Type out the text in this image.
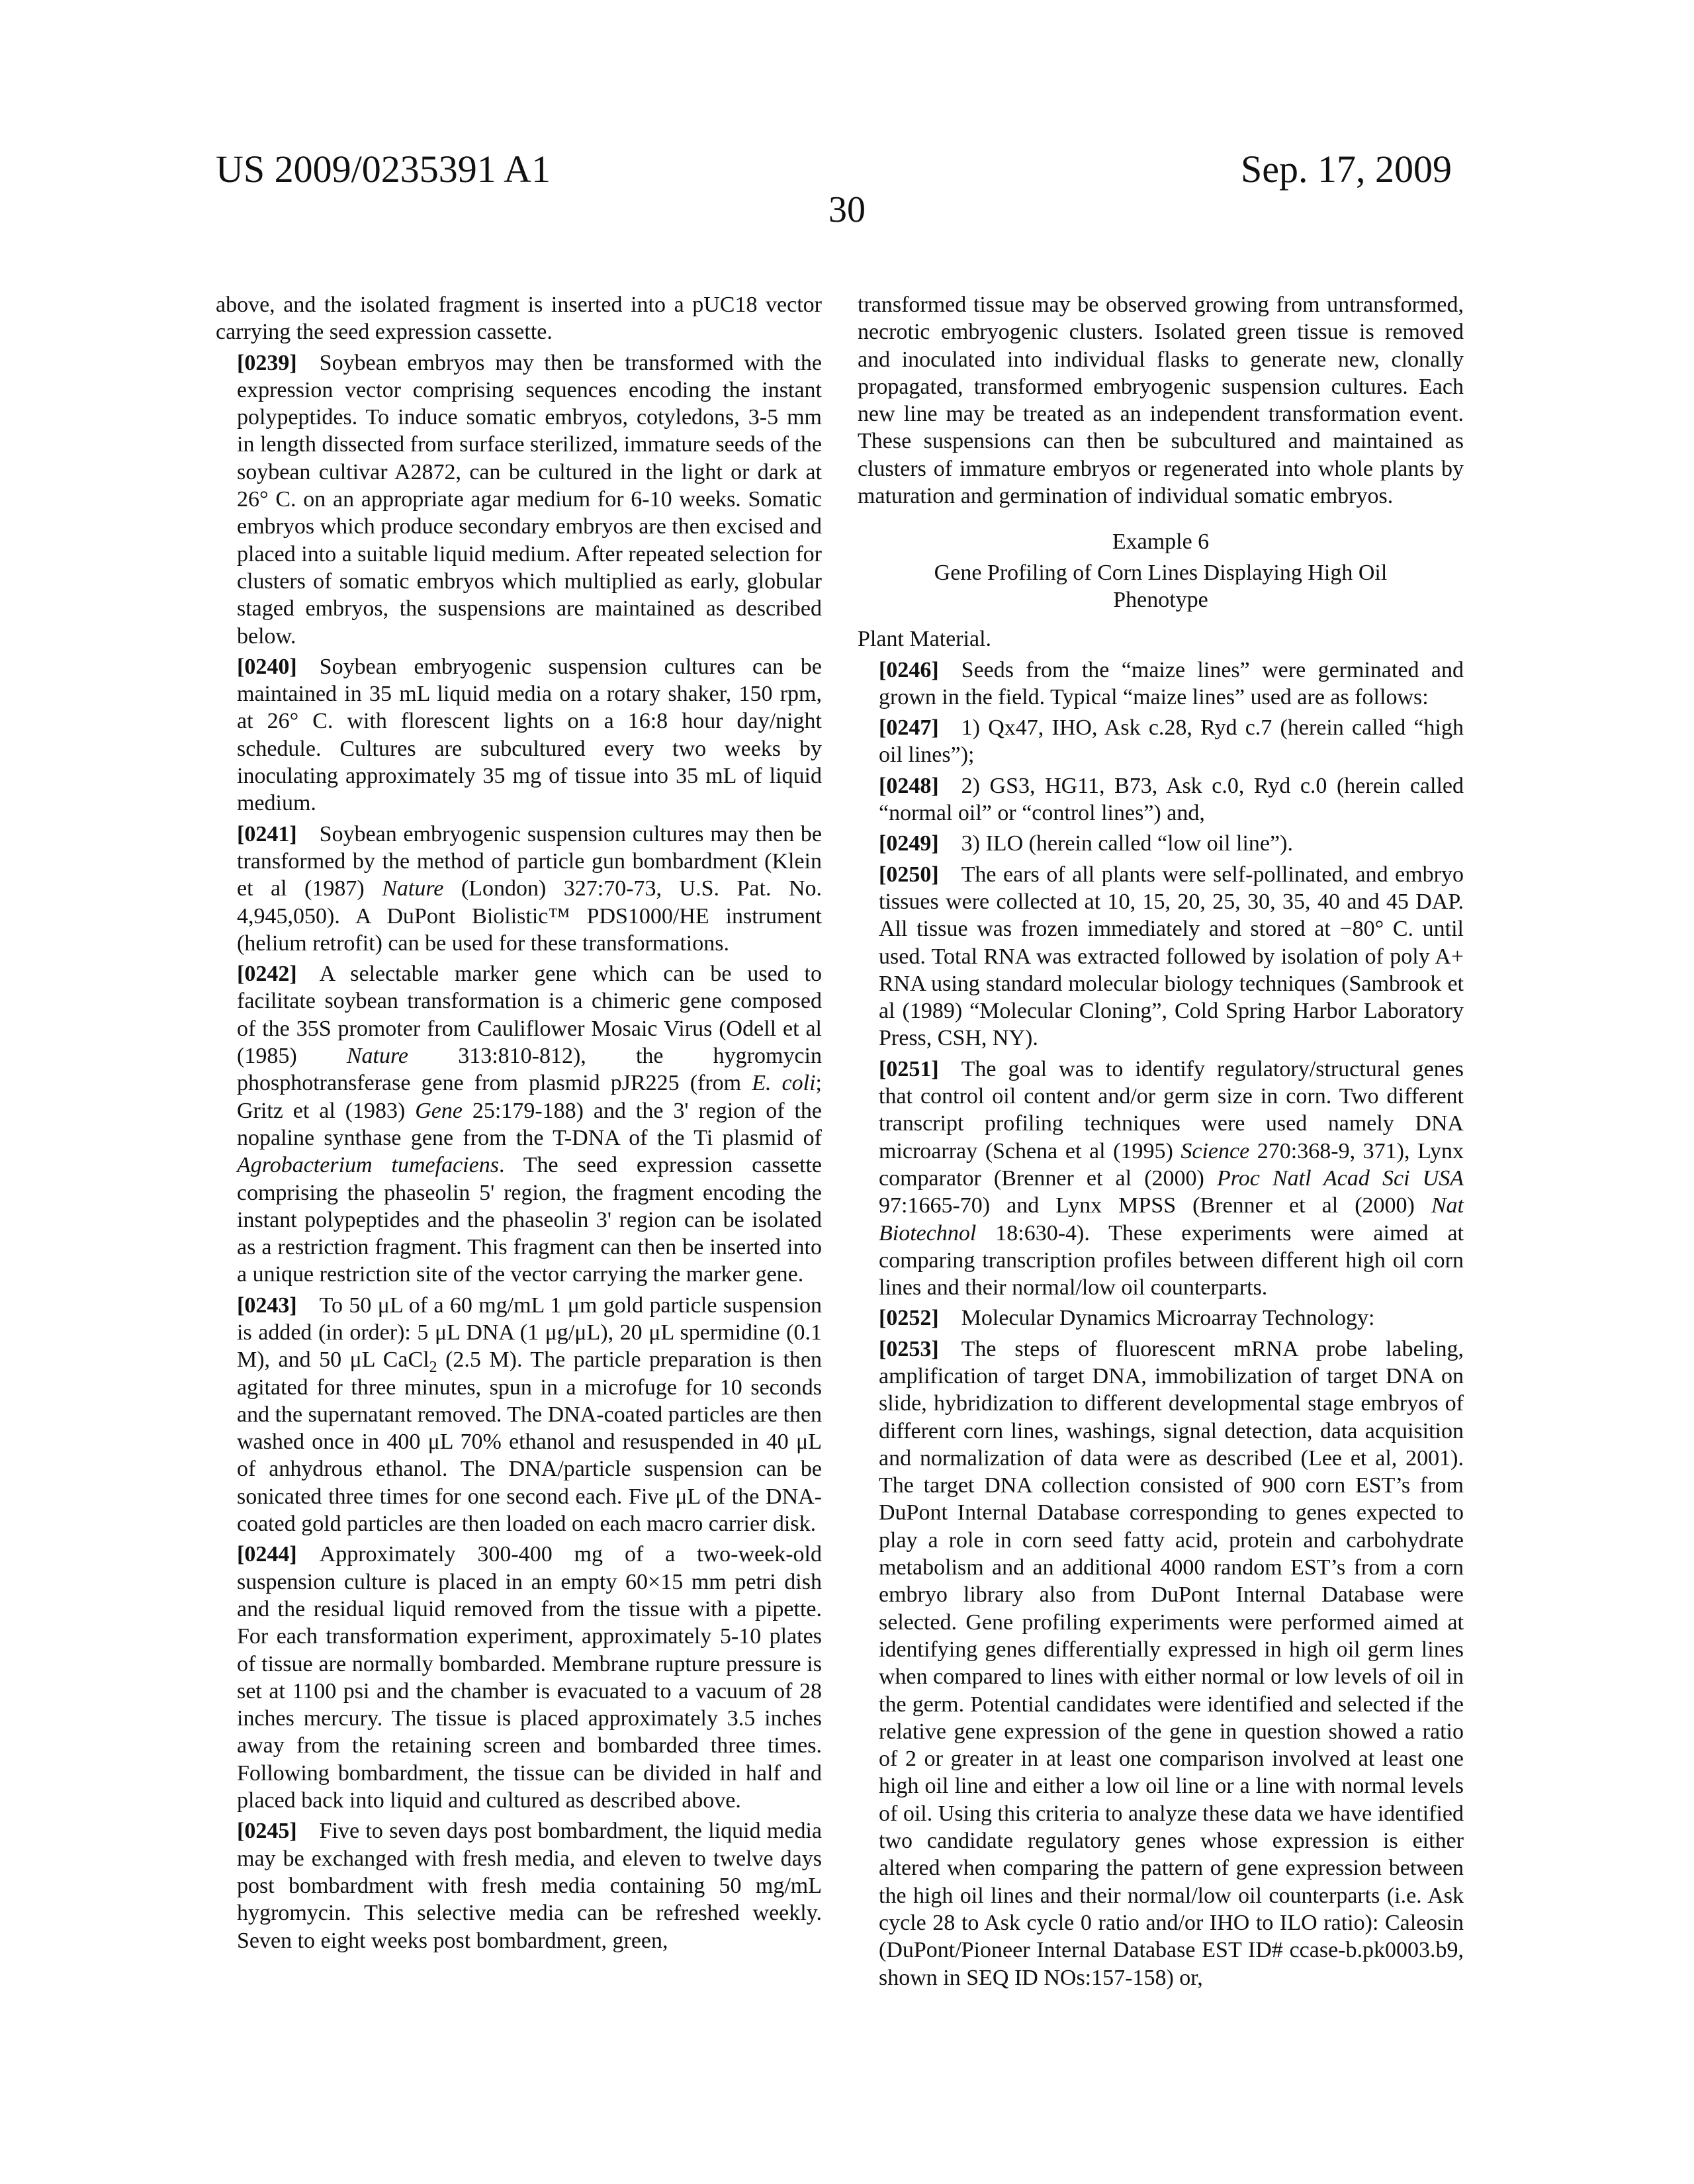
US 2009/0235391 A1	Sep. 17, 2009
30

above, and the isolated fragment is inserted into a pUC18 vector carrying the seed expression cassette.

[0239] Soybean embryos may then be transformed with the expression vector comprising sequences encoding the instant polypeptides. To induce somatic embryos, cotyledons, 3-5 mm in length dissected from surface sterilized, immature seeds of the soybean cultivar A2872, can be cultured in the light or dark at 26° C. on an appropriate agar medium for 6-10 weeks. Somatic embryos which produce secondary embryos are then excised and placed into a suitable liquid medium. After repeated selection for clusters of somatic embryos which multiplied as early, globular staged embryos, the suspensions are maintained as described below.

[0240] Soybean embryogenic suspension cultures can be maintained in 35 mL liquid media on a rotary shaker, 150 rpm, at 26° C. with florescent lights on a 16:8 hour day/night schedule. Cultures are subcultured every two weeks by inoculating approximately 35 mg of tissue into 35 mL of liquid medium.

[0241] Soybean embryogenic suspension cultures may then be transformed by the method of particle gun bombardment (Klein et al (1987) Nature (London) 327:70-73, U.S. Pat. No. 4,945,050). A DuPont Biolistic™ PDS1000/HE instrument (helium retrofit) can be used for these transformations.

[0242] A selectable marker gene which can be used to facilitate soybean transformation is a chimeric gene composed of the 35S promoter from Cauliflower Mosaic Virus (Odell et al (1985) Nature 313:810-812), the hygromycin phosphotransferase gene from plasmid pJR225 (from E. coli; Gritz et al (1983) Gene 25:179-188) and the 3' region of the nopaline synthase gene from the T-DNA of the Ti plasmid of Agrobacterium tumefaciens. The seed expression cassette comprising the phaseolin 5' region, the fragment encoding the instant polypeptides and the phaseolin 3' region can be isolated as a restriction fragment. This fragment can then be inserted into a unique restriction site of the vector carrying the marker gene.

[0243] To 50 μL of a 60 mg/mL 1 μm gold particle suspension is added (in order): 5 μL DNA (1 μg/μL), 20 μL spermidine (0.1 M), and 50 μL CaCl2 (2.5 M). The particle preparation is then agitated for three minutes, spun in a microfuge for 10 seconds and the supernatant removed. The DNA-coated particles are then washed once in 400 μL 70% ethanol and resuspended in 40 μL of anhydrous ethanol. The DNA/particle suspension can be sonicated three times for one second each. Five μL of the DNA-coated gold particles are then loaded on each macro carrier disk.

[0244] Approximately 300-400 mg of a two-week-old suspension culture is placed in an empty 60×15 mm petri dish and the residual liquid removed from the tissue with a pipette. For each transformation experiment, approximately 5-10 plates of tissue are normally bombarded. Membrane rupture pressure is set at 1100 psi and the chamber is evacuated to a vacuum of 28 inches mercury. The tissue is placed approximately 3.5 inches away from the retaining screen and bombarded three times. Following bombardment, the tissue can be divided in half and placed back into liquid and cultured as described above.

[0245] Five to seven days post bombardment, the liquid media may be exchanged with fresh media, and eleven to twelve days post bombardment with fresh media containing 50 mg/mL hygromycin. This selective media can be refreshed weekly. Seven to eight weeks post bombardment, green,

transformed tissue may be observed growing from untransformed, necrotic embryogenic clusters. Isolated green tissue is removed and inoculated into individual flasks to generate new, clonally propagated, transformed embryogenic suspension cultures. Each new line may be treated as an independent transformation event. These suspensions can then be subcultured and maintained as clusters of immature embryos or regenerated into whole plants by maturation and germination of individual somatic embryos.

Example 6

Gene Profiling of Corn Lines Displaying High Oil Phenotype

Plant Material.

[0246] Seeds from the “maize lines” were germinated and grown in the field. Typical “maize lines” used are as follows:

[0247] 1) Qx47, IHO, Ask c.28, Ryd c.7 (herein called “high oil lines”);

[0248] 2) GS3, HG11, B73, Ask c.0, Ryd c.0 (herein called “normal oil” or “control lines”) and,

[0249] 3) ILO (herein called “low oil line”).

[0250] The ears of all plants were self-pollinated, and embryo tissues were collected at 10, 15, 20, 25, 30, 35, 40 and 45 DAP. All tissue was frozen immediately and stored at −80° C. until used. Total RNA was extracted followed by isolation of poly A+ RNA using standard molecular biology techniques (Sambrook et al (1989) “Molecular Cloning”, Cold Spring Harbor Laboratory Press, CSH, NY).

[0251] The goal was to identify regulatory/structural genes that control oil content and/or germ size in corn. Two different transcript profiling techniques were used namely DNA microarray (Schena et al (1995) Science 270:368-9, 371), Lynx comparator (Brenner et al (2000) Proc Natl Acad Sci USA 97:1665-70) and Lynx MPSS (Brenner et al (2000) Nat Biotechnol 18:630-4). These experiments were aimed at comparing transcription profiles between different high oil corn lines and their normal/low oil counterparts.

[0252] Molecular Dynamics Microarray Technology:

[0253] The steps of fluorescent mRNA probe labeling, amplification of target DNA, immobilization of target DNA on slide, hybridization to different developmental stage embryos of different corn lines, washings, signal detection, data acquisition and normalization of data were as described (Lee et al, 2001). The target DNA collection consisted of 900 corn EST’s from DuPont Internal Database corresponding to genes expected to play a role in corn seed fatty acid, protein and carbohydrate metabolism and an additional 4000 random EST’s from a corn embryo library also from DuPont Internal Database were selected. Gene profiling experiments were performed aimed at identifying genes differentially expressed in high oil germ lines when compared to lines with either normal or low levels of oil in the germ. Potential candidates were identified and selected if the relative gene expression of the gene in question showed a ratio of 2 or greater in at least one comparison involved at least one high oil line and either a low oil line or a line with normal levels of oil. Using this criteria to analyze these data we have identified two candidate regulatory genes whose expression is either altered when comparing the pattern of gene expression between the high oil lines and their normal/low oil counterparts (i.e. Ask cycle 28 to Ask cycle 0 ratio and/or IHO to ILO ratio): Caleosin (DuPont/Pioneer Internal Database EST ID# ccase-b.pk0003.b9, shown in SEQ ID NOs:157-158) or,
